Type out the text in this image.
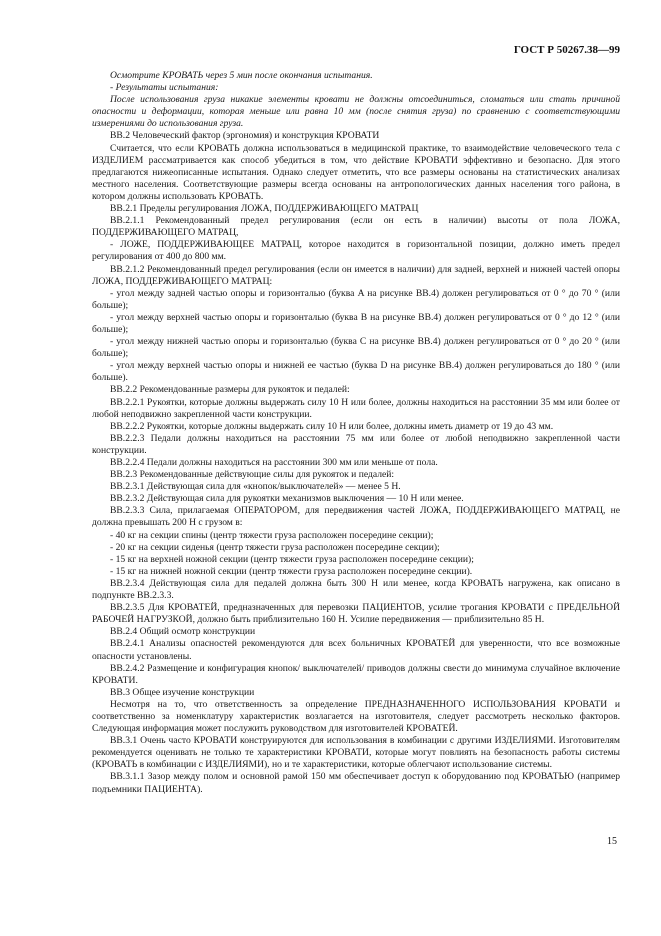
ГОСТ Р 50267.38—99

Осмотрите КРОВАТЬ через 5 мин после окончания испытания.

- Результаты испытания:

После использования груза никакие элементы кровати не должны отсоединиться, сломаться или стать причиной опасности и деформации, которая меньше или равна 10 мм (после снятия груза) по сравнению с соответствующими измерениями до использования груза.

ВВ.2 Человеческий фактор (эргономия) и конструкция КРОВАТИ

Считается, что если КРОВАТЬ должна использоваться в медицинской практике, то взаимодействие человеческого тела с ИЗДЕЛИЕМ рассматривается как способ убедиться в том, что действие КРОВАТИ эффективно и безопасно. Для этого предлагаются нижеописанные испытания. Однако следует отметить, что все размеры основаны на статистических анализах местного населения. Соответствующие размеры всегда основаны на антропологических данных населения того района, в котором должны использовать КРОВАТЬ.

ВВ.2.1 Пределы регулирования ЛОЖА, ПОДДЕРЖИВАЮЩЕГО МАТРАЦ

ВВ.2.1.1 Рекомендованный предел регулирования (если он есть в наличии) высоты от пола ЛОЖА, ПОДДЕРЖИВАЮЩЕГО МАТРАЦ,

- ЛОЖЕ, ПОДДЕРЖИВАЮЩЕЕ МАТРАЦ, которое находится в горизонтальной позиции, должно иметь предел регулирования от 400 до 800 мм.

ВВ.2.1.2 Рекомендованный предел регулирования (если он имеется в наличии) для задней, верхней и нижней частей опоры ЛОЖА, ПОДДЕРЖИВАЮЩЕГО МАТРАЦ:

- угол между задней частью опоры и горизонталью (буква A на рисунке ВВ.4) должен регулироваться от 0 ° до 70 ° (или больше);

- угол между верхней частью опоры и горизонталью (буква B на рисунке ВВ.4) должен регулироваться от 0 ° до 12 ° (или больше);

- угол между нижней частью опоры и горизонталью (буква C на рисунке ВВ.4) должен регулироваться от 0 ° до 20 ° (или больше);

- угол между верхней частью опоры и нижней ее частью (буква D на рисунке ВВ.4) должен регулироваться до 180 ° (или больше).

ВВ.2.2 Рекомендованные размеры для рукояток и педалей:

ВВ.2.2.1 Рукоятки, которые должны выдержать силу 10 Н или более, должны находиться на расстоянии 35 мм или более от любой неподвижно закрепленной части конструкции.

ВВ.2.2.2 Рукоятки, которые должны выдержать силу 10 Н или более, должны иметь диаметр от 19 до 43 мм.

ВВ.2.2.3 Педали должны находиться на расстоянии 75 мм или более от любой неподвижно закрепленной части конструкции.

ВВ.2.2.4 Педали должны находиться на расстоянии 300 мм или меньше от пола.

ВВ.2.3 Рекомендованные действующие силы для рукояток и педалей:

ВВ.2.3.1 Действующая сила для «кнопок/выключателей» — менее 5 Н.

ВВ.2.3.2 Действующая сила для рукоятки механизмов выключения — 10 Н или менее.

ВВ.2.3.3 Сила, прилагаемая ОПЕРАТОРОМ, для передвижения частей ЛОЖА, ПОДДЕРЖИВАЮЩЕГО МАТРАЦ, не должна превышать 200 Н с грузом в:

- 40 кг на секции спины (центр тяжести груза расположен посередине секции);

- 20 кг на секции сиденья (центр тяжести груза расположен посередине секции);

- 15 кг на верхней ножной секции (центр тяжести груза расположен посередине секции);

- 15 кг на нижней ножной секции (центр тяжести груза расположен посередине секции).

ВВ.2.3.4 Действующая сила для педалей должна быть 300 Н или менее, когда КРОВАТЬ нагружена, как описано в подпункте ВВ.2.3.3.

ВВ.2.3.5 Для КРОВАТЕЙ, предназначенных для перевозки ПАЦИЕНТОВ, усилие трогания КРОВАТИ с ПРЕДЕЛЬНОЙ РАБОЧЕЙ НАГРУЗКОЙ, должно быть приблизительно 160 Н. Усилие передвижения — приблизительно 85 Н.

ВВ.2.4 Общий осмотр конструкции

ВВ.2.4.1 Анализы опасностей рекомендуются для всех больничных КРОВАТЕЙ для уверенности, что все возможные опасности установлены.

ВВ.2.4.2 Размещение и конфигурация кнопок/ выключателей/ приводов должны свести до минимума случайное включение КРОВАТИ.

ВВ.3 Общее изучение конструкции

Несмотря на то, что ответственность за определение ПРЕДНАЗНАЧЕННОГО ИСПОЛЬЗОВАНИЯ КРОВАТИ и соответственно за номенклатуру характеристик возлагается на изготовителя, следует рассмотреть несколько факторов. Следующая информация может послужить руководством для изготовителей КРОВАТЕЙ.

ВВ.3.1 Очень часто КРОВАТИ конструируются для использования в комбинации с другими ИЗДЕЛИЯМИ. Изготовителям рекомендуется оценивать не только те характеристики КРОВАТИ, которые могут повлиять на безопасность работы системы (КРОВАТЬ в комбинации с ИЗДЕЛИЯМИ), но и те характеристики, которые облегчают использование системы.

ВВ.3.1.1 Зазор между полом и основной рамой 150 мм обеспечивает доступ к оборудованию под КРОВАТЬЮ (например подъемники ПАЦИЕНТА).

15
